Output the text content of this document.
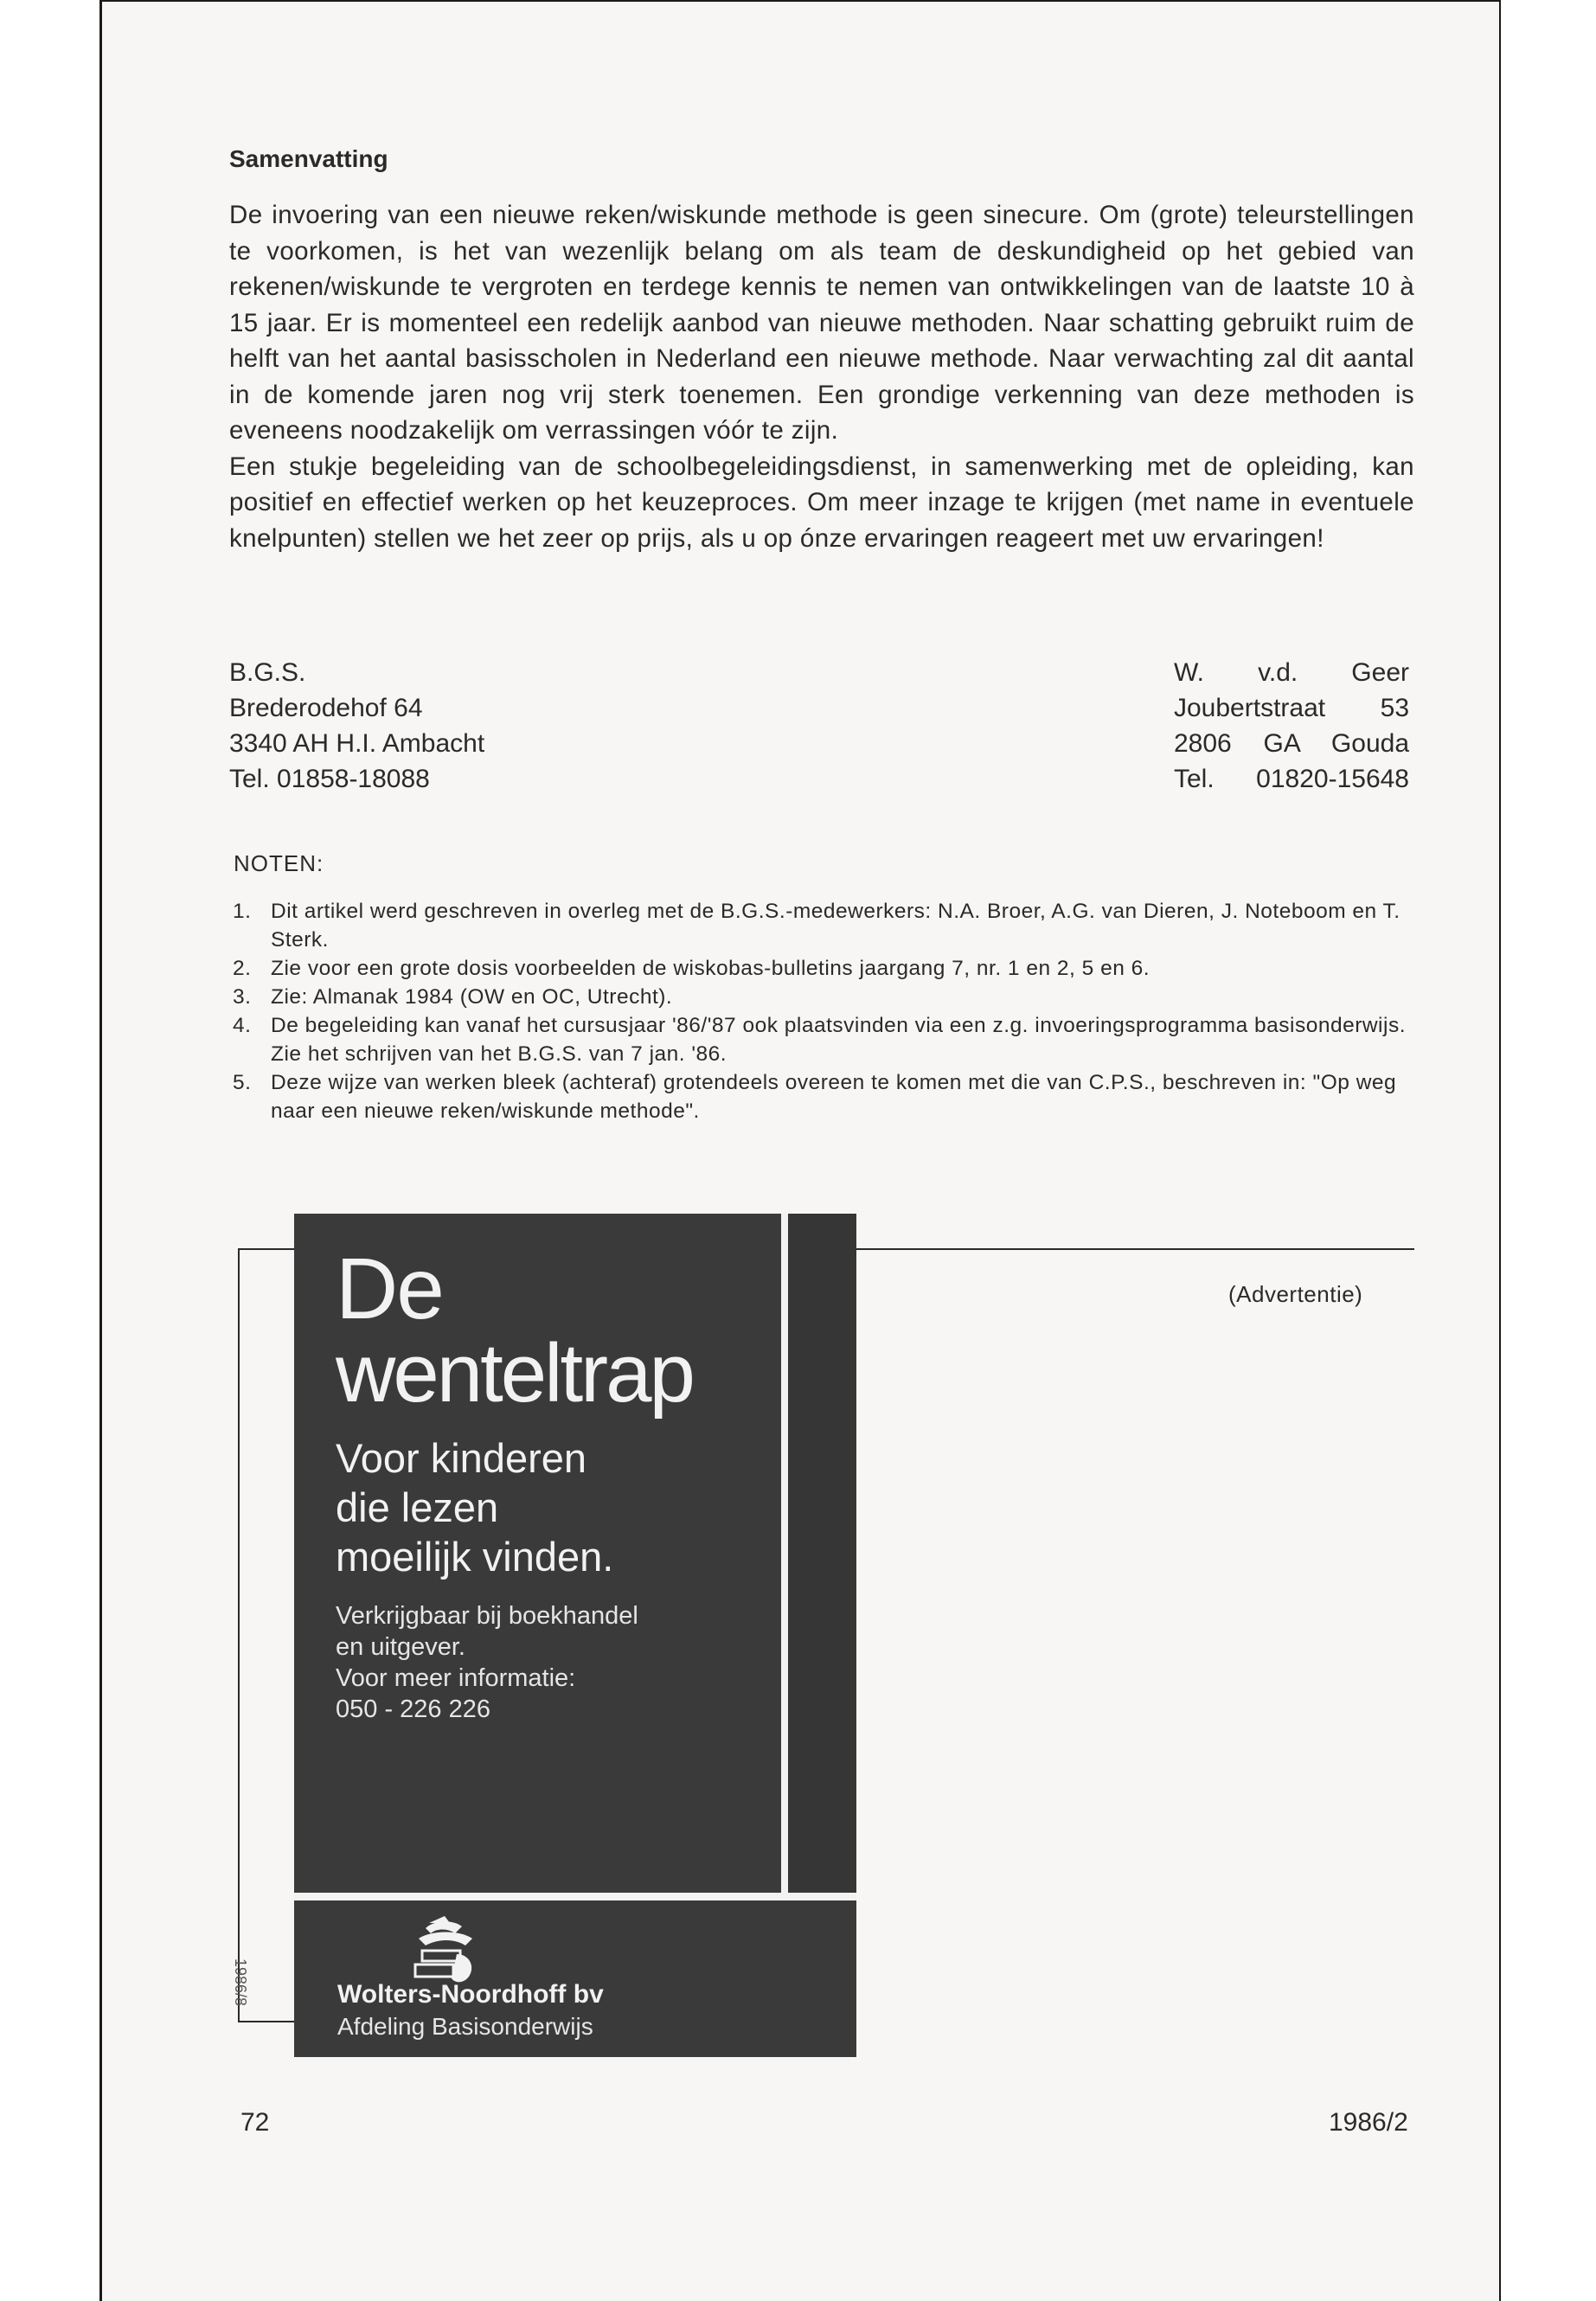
Samenvatting

De invoering van een nieuwe reken/wiskunde methode is geen sinecure. Om (grote) teleurstellingen te voorkomen, is het van wezenlijk belang om als team de deskundigheid op het gebied van rekenen/wiskunde te vergroten en terdege kennis te nemen van ontwikkelingen van de laatste 10 à 15 jaar. Er is momenteel een redelijk aanbod van nieuwe methoden. Naar schatting gebruikt ruim de helft van het aantal basisscholen in Nederland een nieuwe methode. Naar verwachting zal dit aantal in de komende jaren nog vrij sterk toenemen. Een grondige verkenning van deze methoden is eveneens noodzakelijk om verrassingen vóór te zijn.

Een stukje begeleiding van de schoolbegeleidingsdienst, in samenwerking met de opleiding, kan positief en effectief werken op het keuzeproces. Om meer inzage te krijgen (met name in eventuele knelpunten) stellen we het zeer op prijs, als u op ónze ervaringen reageert met uw ervaringen!

B.G.S.
Brederodehof 64
3340 AH H.I. Ambacht
Tel. 01858-18088
W. v.d. Geer
Joubertstraat 53
2806 GA Gouda
Tel. 01820-15648
NOTEN:
1. Dit artikel werd geschreven in overleg met de B.G.S.-medewerkers: N.A. Broer, A.G. van Dieren, J. Noteboom en T. Sterk.
2. Zie voor een grote dosis voorbeelden de wiskobas-bulletins jaargang 7, nr. 1 en 2, 5 en 6.
3. Zie: Almanak 1984 (OW en OC, Utrecht).
4. De begeleiding kan vanaf het cursusjaar '86/'87 ook plaatsvinden via een z.g. invoeringsprogramma basisonderwijs. Zie het schrijven van het B.G.S. van 7 jan. '86.
5. Deze wijze van werken bleek (achteraf) grotendeels overeen te komen met die van C.P.S., beschreven in: "Op weg naar een nieuwe reken/wiskunde methode".
(Advertentie)
1986/8
De
wenteltrap
Voor kinderen
die lezen
moeilijk vinden.
Verkrijgbaar bij boekhandel
en uitgever.
Voor meer informatie:
050 - 226 226
Wolters-Noordhoff bv
Afdeling Basisonderwijs
72	1986/2
